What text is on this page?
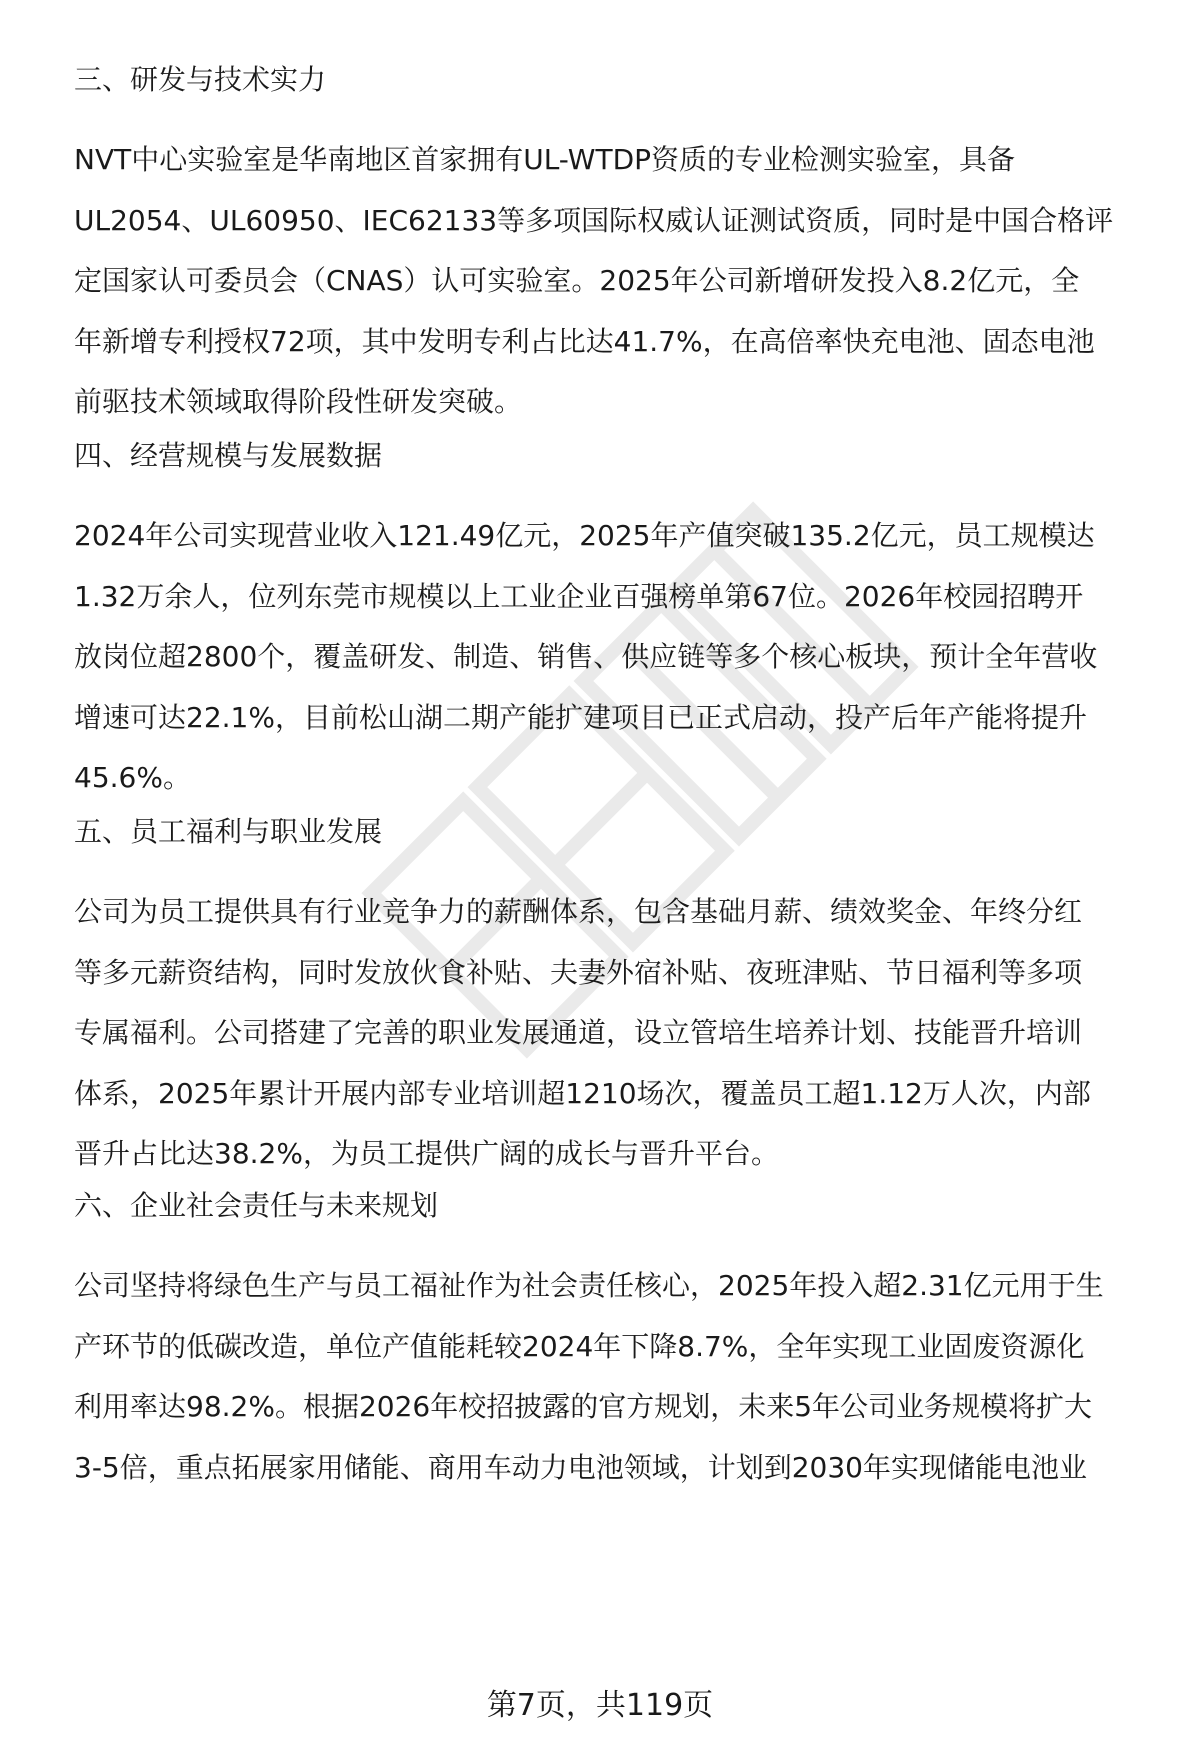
三、研发与技术实力
NVT中心实验室是华南地区首家拥有UL-WTDP资质的专业检测实验室，具备
UL2054、UL60950、IEC62133等多项国际权威认证测试资质，同时是中国合格评
定国家认可委员会（CNAS）认可实验室。2025年公司新增研发投入8.2亿元，全
年新增专利授权72项，其中发明专利占比达41.7%，在高倍率快充电池、固态电池
前驱技术领域取得阶段性研发突破。
四、经营规模与发展数据
2024年公司实现营业收入121.49亿元，2025年产值突破135.2亿元，员工规模达
1.32万余人，位列东莞市规模以上工业企业百强榜单第67位。2026年校园招聘开
放岗位超2800个，覆盖研发、制造、销售、供应链等多个核心板块，预计全年营收
增速可达22.1%，目前松山湖二期产能扩建项目已正式启动，投产后年产能将提升
45.6%。
五、员工福利与职业发展
公司为员工提供具有行业竞争力的薪酬体系，包含基础月薪、绩效奖金、年终分红
等多元薪资结构，同时发放伙食补贴、夫妻外宿补贴、夜班津贴、节日福利等多项
专属福利。公司搭建了完善的职业发展通道，设立管培生培养计划、技能晋升培训
体系，2025年累计开展内部专业培训超1210场次，覆盖员工超1.12万人次，内部
晋升占比达38.2%，为员工提供广阔的成长与晋升平台。
六、企业社会责任与未来规划
公司坚持将绿色生产与员工福祉作为社会责任核心，2025年投入超2.31亿元用于生
产环节的低碳改造，单位产值能耗较2024年下降8.7%，全年实现工业固废资源化
利用率达98.2%。根据2026年校招披露的官方规划，未来5年公司业务规模将扩大
3-5倍，重点拓展家用储能、商用车动力电池领域，计划到2030年实现储能电池业
第7页，共119页
